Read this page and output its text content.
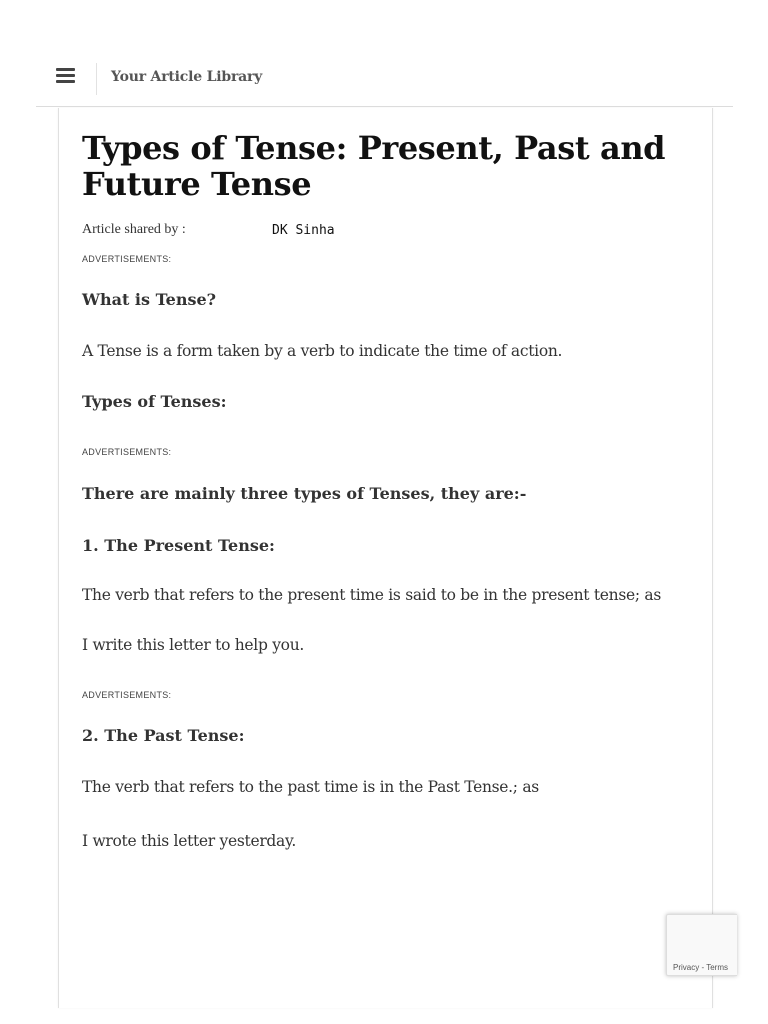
Your Article Library
Types of Tense: Present, Past and Future Tense
Article shared by :	DK Sinha
ADVERTISEMENTS:
What is Tense?

A Tense is a form taken by a verb to indicate the time of action.

Types of Tenses:
ADVERTISEMENTS:
There are mainly three types of Tenses, they are:-
1. The Present Tense:

The verb that refers to the present time is said to be in the present tense; as

I write this letter to help you.

ADVERTISEMENTS:
2. The Past Tense:

The verb that refers to the past time is in the Past Tense.; as

I wrote this letter yesterday.

Privacy - Terms
